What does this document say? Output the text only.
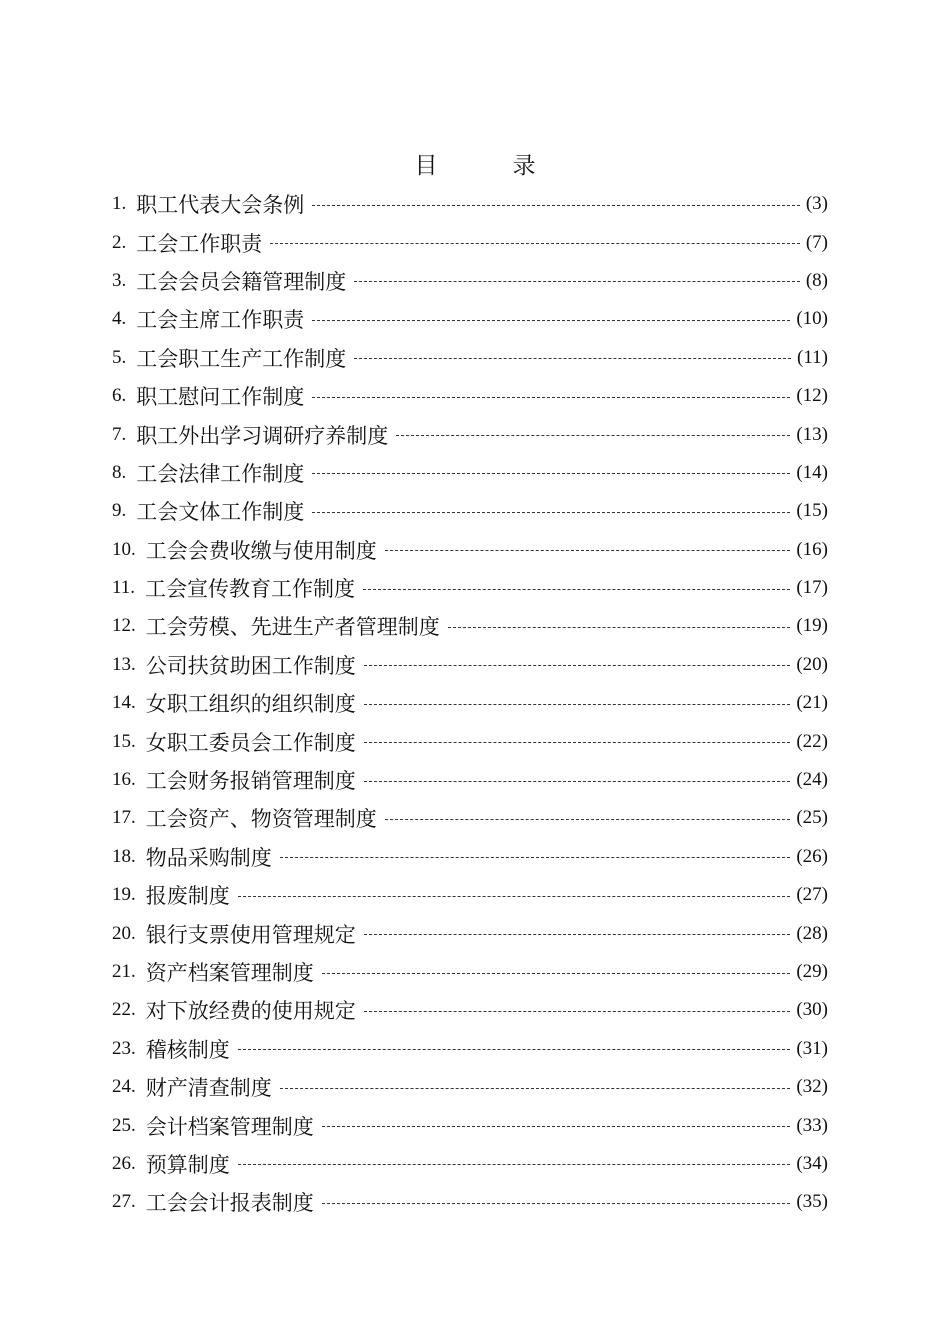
目　录
1. 职工代表大会条例	(3)
2. 工会工作职责	(7)
3. 工会会员会籍管理制度	(8)
4. 工会主席工作职责	(10)
5. 工会职工生产工作制度	(11)
6. 职工慰问工作制度	(12)
7. 职工外出学习调研疗养制度	(13)
8. 工会法律工作制度	(14)
9. 工会文体工作制度	(15)
10. 工会会费收缴与使用制度	(16)
11. 工会宣传教育工作制度	(17)
12. 工会劳模、先进生产者管理制度	(19)
13. 公司扶贫助困工作制度	(20)
14. 女职工组织的组织制度	(21)
15. 女职工委员会工作制度	(22)
16. 工会财务报销管理制度	(24)
17. 工会资产、物资管理制度	(25)
18. 物品采购制度	(26)
19. 报废制度	(27)
20. 银行支票使用管理规定	(28)
21. 资产档案管理制度	(29)
22. 对下放经费的使用规定	(30)
23. 稽核制度	(31)
24. 财产清查制度	(32)
25. 会计档案管理制度	(33)
26. 预算制度	(34)
27. 工会会计报表制度	(35)
